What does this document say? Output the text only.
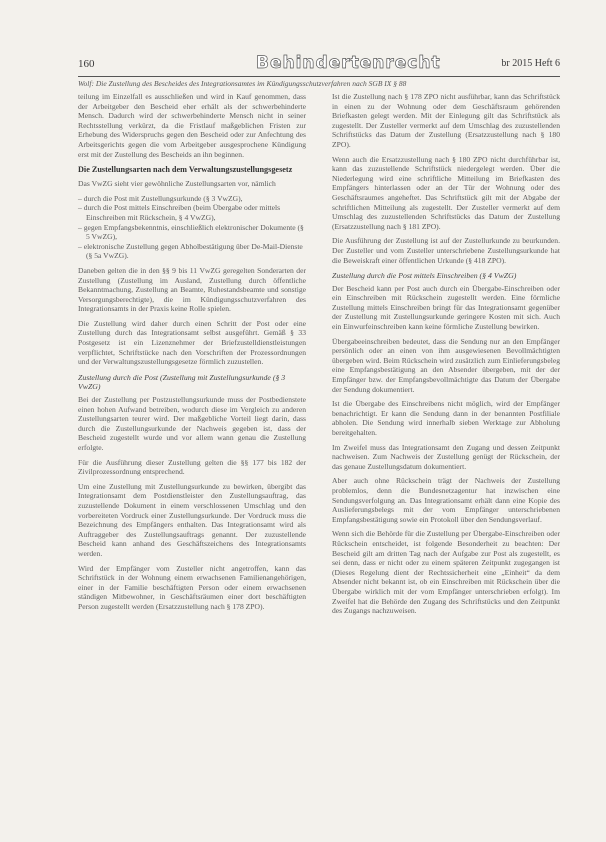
160	Behindertenrecht	br 2015 Heft 6
Wolf: Die Zustellung des Bescheides des Integrationsamtes im Kündigungsschutzverfahren nach SGB IX § 88

teilung im Einzelfall es ausschließen und wird in Kauf genommen, dass der Arbeitgeber den Bescheid eher erhält als der schwerbehinderte Mensch. Dadurch wird der schwerbehinderte Mensch nicht in seiner Rechtsstellung verkürzt, da die Fristlauf maßgeblichen Fristen zur Erhebung des Widerspruchs gegen den Bescheid oder zur Anfechtung des Arbeitsgerichts gegen die vom Arbeitgeber ausgesprochene Kündigung erst mit der Zustellung des Bescheids an ihn beginnen.

Die Zustellungsarten nach dem Verwaltungszustellungsgesetz

Das VwZG sieht vier gewöhnliche Zustellungsarten vor, nämlich

– durch die Post mit Zustellungsurkunde (§ 3 VwZG),
– durch die Post mittels Einschreiben (beim Übergabe oder mittels Einschreiben mit Rückschein, § 4 VwZG),
– gegen Empfangsbekenntnis, einschließlich elektronischer Dokumente (§ 5 VwZG),
– elektronische Zustellung gegen Abholbestätigung über De-Mail-Dienste (§ 5a VwZG).

Daneben gelten die in den §§ 9 bis 11 VwZG geregelten Sonderarten der Zustellung (Zustellung im Ausland, Zustellung durch öffentliche Bekanntmachung, Zustellung an Beamte, Ruhestandsbeamte und sonstige Versorgungsberechtigte), die im Kündigungsschutzverfahren des Integrationsamts in der Praxis keine Rolle spielen.

Die Zustellung wird daher durch einen Schritt der Post oder eine Zustellung durch das Integrationsamt selbst ausgeführt. Gemäß § 33 Postgesetz ist ein Lizenznehmer der Briefzustelldienstleistungen verpflichtet, Schriftstücke nach den Vorschriften der Prozessordnungen und der Verwaltungszustellungsgesetze förmlich zuzustellen.

Zustellung durch die Post (Zustellung mit Zustellungsurkunde (§ 3 VwZG)

Bei der Zustellung per Postzustellungsurkunde muss der Postbedienstete einen hohen Aufwand betreiben, wodurch diese im Vergleich zu anderen Zustellungsarten teurer wird. Der maßgebliche Vorteil liegt darin, dass durch die Zustellungsurkunde der Nachweis gegeben ist, dass der Bescheid zugestellt wurde und vor allem wann genau die Zustellung erfolgte.

Für die Ausführung dieser Zustellung gelten die §§ 177 bis 182 der Zivilprozessordnung entsprechend.

Um eine Zustellung mit Zustellungsurkunde zu bewirken, übergibt das Integrationsamt dem Postdienstleister den Zustellungsauftrag, das zuzustellende Dokument in einem verschlossenen Umschlag und den vorbereiteten Vordruck einer Zustellungsurkunde. Der Vordruck muss die Bezeichnung des Empfängers enthalten. Das Integrationsamt wird als Auftraggeber des Zustellungsauftrags genannt. Der zuzustellende Bescheid kann anhand des Geschäftszeichens des Integrationsamts werden.

Wird der Empfänger vom Zusteller nicht angetroffen, kann das Schriftstück in der Wohnung einem erwachsenen Familienangehörigen, einer in der Familie beschäftigten Person oder einem erwachsenen ständigen Mitbewohner, in Geschäftsräumen einer dort beschäftigten Person zugestellt werden (Ersatzzustellung nach § 178 ZPO).

Ist die Zustellung nach § 178 ZPO nicht ausführbar, kann das Schriftstück in einen zu der Wohnung oder dem Geschäftsraum gehörenden Briefkasten gelegt werden. Mit der Einlegung gilt das Schriftstück als zugestellt. Der Zusteller vermerkt auf dem Umschlag des zuzustellenden Schriftstücks das Datum der Zustellung (Ersatzzustellung nach § 180 ZPO).

Wenn auch die Ersatzzustellung nach § 180 ZPO nicht durchführbar ist, kann das zuzustellende Schriftstück niedergelegt werden. Über die Niederlegung wird eine schriftliche Mitteilung im Briefkasten des Empfängers hinterlassen oder an der Tür der Wohnung oder des Geschäftsraumes angeheftet. Das Schriftstück gilt mit der Abgabe der schriftlichen Mitteilung als zugestellt. Der Zusteller vermerkt auf dem Umschlag des zuzustellenden Schriftstücks das Datum der Zustellung (Ersatzzustellung nach § 181 ZPO).

Die Ausführung der Zustellung ist auf der Zustellurkunde zu beurkunden. Der Zusteller und vom Zusteller unterschriebene Zustellungsurkunde hat die Beweiskraft einer öffentlichen Urkunde (§ 418 ZPO).

Zustellung durch die Post mittels Einschreiben (§ 4 VwZG)

Der Bescheid kann per Post auch durch ein Übergabe-Einschreiben oder ein Einschreiben mit Rückschein zugestellt werden. Eine förmliche Zustellung mittels Einschreiben bringt für das Integrationsamt gegenüber der Zustellung mit Zustellungsurkunde geringere Kosten mit sich. Auch ein Einwurfeinschreiben kann keine förmliche Zustellung bewirken.

Übergabeeinschreiben bedeutet, dass die Sendung nur an den Empfänger persönlich oder an einen von ihm ausgewiesenen Bevollmächtigten übergeben wird. Beim Rückschein wird zusätzlich zum Einlieferungsbeleg eine Empfangsbestätigung an den Absender übergeben, mit der der Empfänger bzw. der Empfangsbevollmächtigte das Datum der Übergabe der Sendung dokumentiert.

Ist die Übergabe des Einschreibens nicht möglich, wird der Empfänger benachrichtigt. Er kann die Sendung dann in der benannten Postfiliale abholen. Die Sendung wird innerhalb sieben Werktage zur Abholung bereitgehalten.

Im Zweifel muss das Integrationsamt den Zugang und dessen Zeitpunkt nachweisen. Zum Nachweis der Zustellung genügt der Rückschein, der das genaue Zustellungsdatum dokumentiert.

Aber auch ohne Rückschein trägt der Nachweis der Zustellung problemlos, denn die Bundesnetzagentur hat inzwischen eine Sendungsverfolgung an. Das Integrationsamt erhält dann eine Kopie des Auslieferungsbelegs mit der vom Empfänger unterschriebenen Empfangsbestätigung sowie ein Protokoll über den Sendungsverlauf.

Wenn sich die Behörde für die Zustellung per Übergabe-Einschreiben oder Rückschein entscheidet, ist folgende Besonderheit zu beachten: Der Bescheid gilt am dritten Tag nach der Aufgabe zur Post als zugestellt, es sei denn, dass er nicht oder zu einem späteren Zeitpunkt zugegangen ist (Dieses Regelung dient der Rechtssicherheit eine „Einheit“ da dem Absender nicht bekannt ist, ob ein Einschreiben mit Rückschein über die Übergabe wirklich mit der vom Empfänger unterschrieben erfolgt). Im Zweifel hat die Behörde den Zugang des Schriftstücks und den Zeitpunkt des Zugangs nachzuweisen.
